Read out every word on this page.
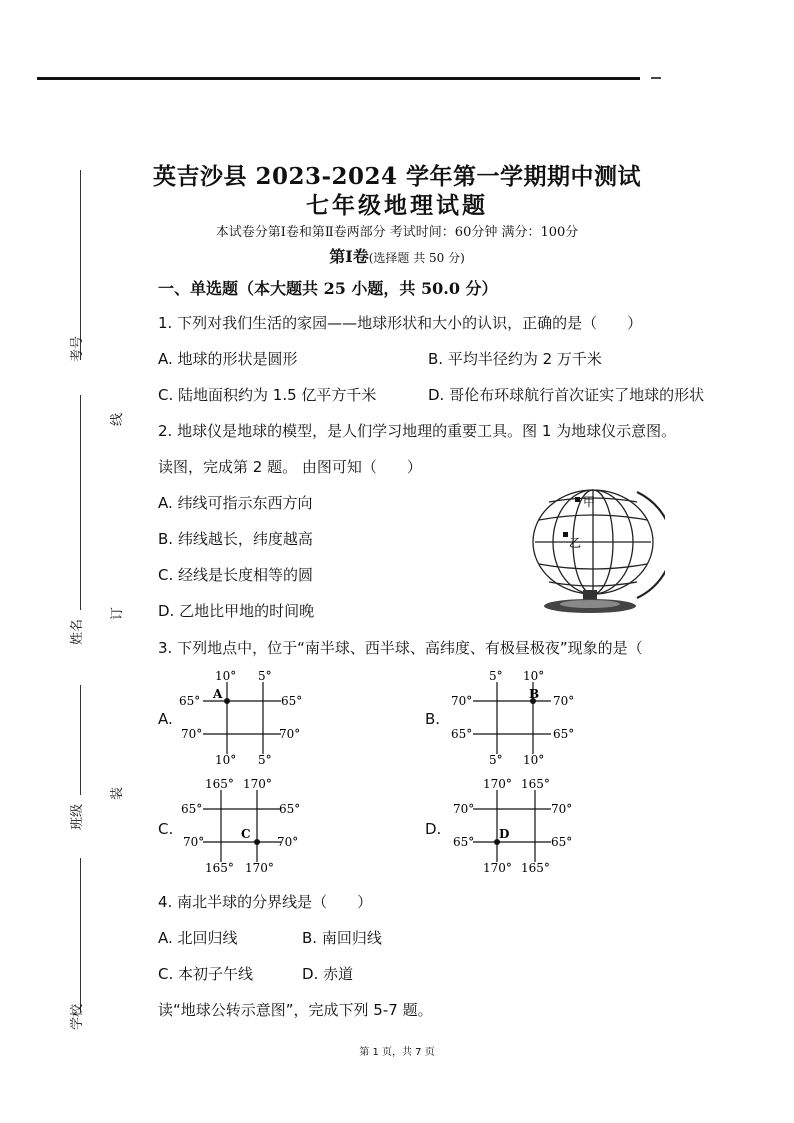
考号
姓名
班级
学校
线
订
装
英吉沙县 2023-2024 学年第一学期期中测试
七年级地理试题
本试卷分第Ⅰ卷和第Ⅱ卷两部分 考试时间：60分钟 满分：100分
第Ⅰ卷(选择题 共 50 分)
一、单选题（本大题共 25 小题，共 50.0 分）
1. 下列对我们生活的家园——地球形状和大小的认识，正确的是（　　）
A. 地球的形状是圆形	B. 平均半径约为 2 万千米
C. 陆地面积约为 1.5 亿平方千米	D. 哥伦布环球航行首次证实了地球的形状
2. 地球仪是地球的模型，是人们学习地理的重要工具。图 1 为地球仪示意图。
读图，完成第 2 题。 由图可知（　　）
A. 纬线可指示东西方向
B. 纬线越长，纬度越高
C. 经线是长度相等的圆
D. 乙地比甲地的时间晚
甲
乙
3. 下列地点中，位于“南半球、西半球、高纬度、有极昼极夜”现象的是（
A.
10° 5°
10° 5°
65°	65°
70°	70°
A
B.
5° 10°
5° 10°
70°	70°
65°	65°
B
C.
165° 170°
165° 170°
65°	65°
70°	70°
C	D.
170° 165°
170° 165°
70°	70°
65°	65°
D
4. 南北半球的分界线是（　　）
A. 北回归线	B. 南回归线
C. 本初子午线	D. 赤道
读“地球公转示意图”，完成下列 5-7 题。
第 1 页，共 7 页
